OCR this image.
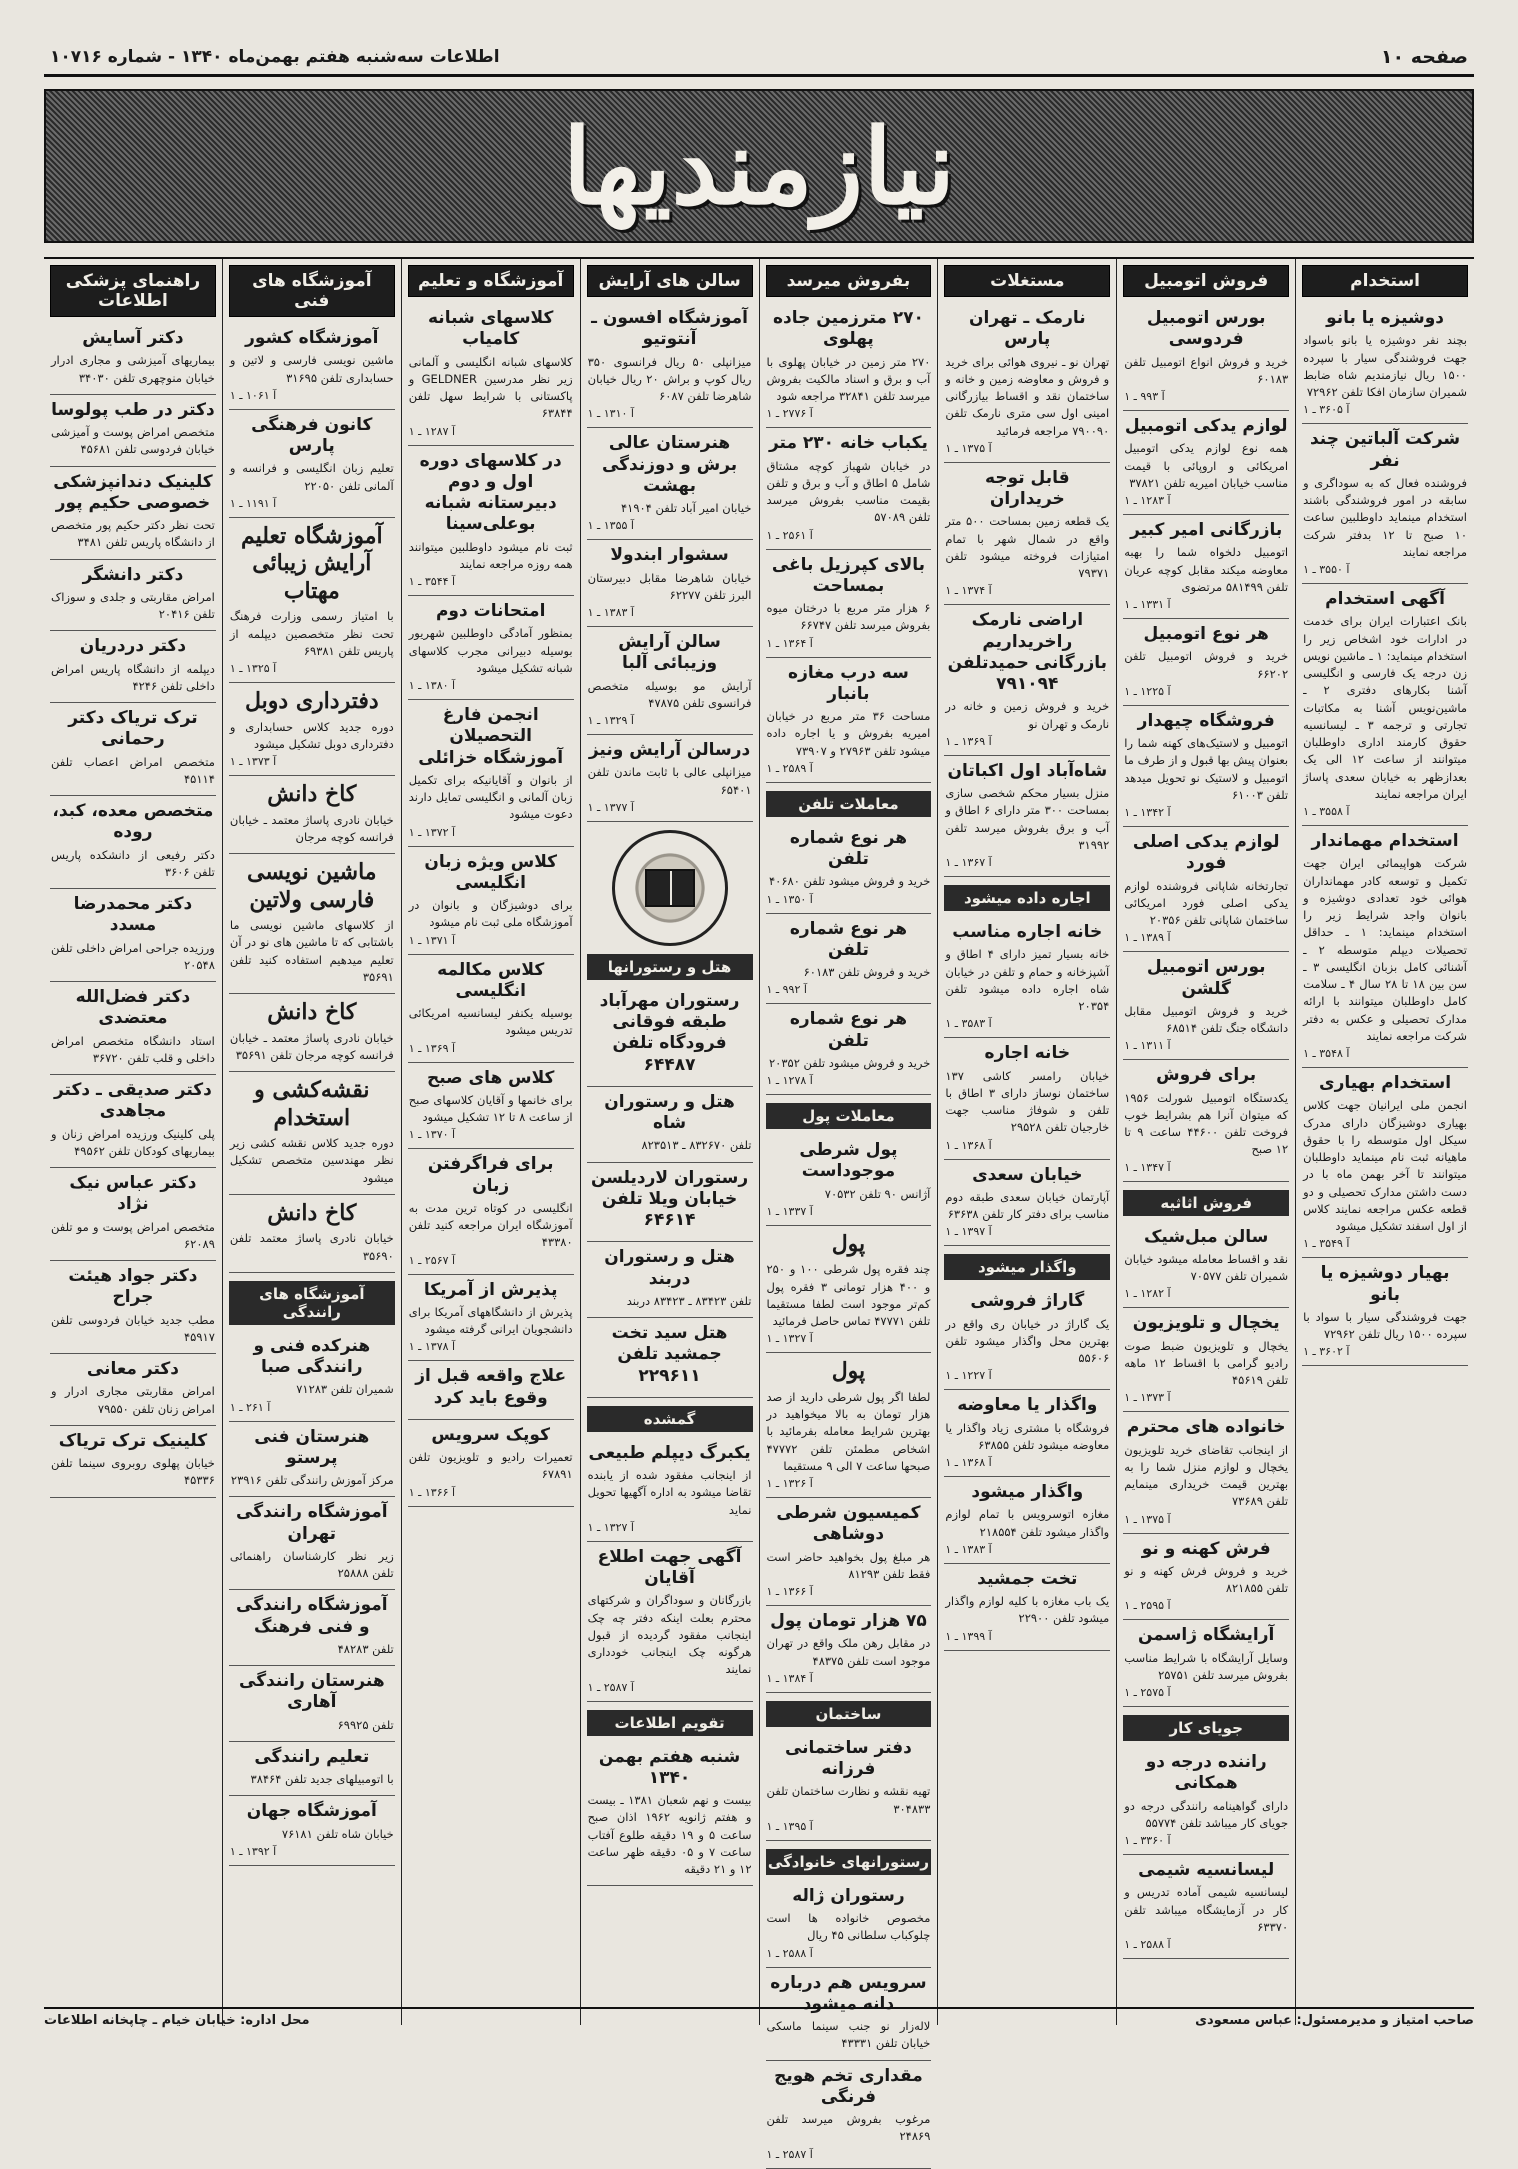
صفحه ۱۰
اطلاعات سه‌شنبه هفتم بهمن‌ماه ۱۳۴۰ - شماره ۱۰۷۱۶
نیازمندیها
استخدام
دوشیزه یا بانو
بچند نفر دوشیزه یا بانو باسواد جهت فروشندگی سیار با سپرده ۱۵۰۰ ریال نیازمندیم شاه ضابط شمیران سازمان افکا تلفن ۷۲۹۶۲
آ ۳۶۰۵ ـ ۱
شرکت آلباتین چند نفر
فروشنده فعال که به سوداگری و سابقه در امور فروشندگی باشند استخدام مینماید داوطلبین ساعت ۱۰ صبح تا ۱۲ بدفتر شرکت مراجعه نمایند
آ ۳۵۵۰ ـ ۱
آگهی استخدام
بانک اعتبارات ایران برای خدمت در ادارات خود اشخاص زیر را استخدام مینماید: ۱ ـ ماشین نویس زن درجه یک فارسی و انگلیسی آشنا بکارهای دفتری ۲ ـ ماشین‌نویس آشنا به مکاتبات تجارتی و ترجمه ۳ ـ لیسانسیه حقوق کارمند اداری داوطلبان میتوانند از ساعت ۱۲ الی یک بعدازظهر به خیابان سعدی پاساژ ایران مراجعه نمایند
آ ۳۵۵۸ ـ ۱
استخدام مهماندار
شرکت هواپیمائی ایران جهت تکمیل و توسعه کادر مهمانداران هوائی خود تعدادی دوشیزه و بانوان واجد شرایط زیر را استخدام مینماید: ۱ ـ حداقل تحصیلات دیپلم متوسطه ۲ ـ آشنائی کامل بزبان انگلیسی ۳ ـ سن بین ۱۸ تا ۲۸ سال ۴ ـ سلامت کامل داوطلبان میتوانند با ارائه مدارک تحصیلی و عکس به دفتر شرکت مراجعه نمایند
آ ۳۵۴۸ ـ ۱
استخدام بهیاری
انجمن ملی ایرانیان جهت کلاس بهیاری دوشیزگان دارای مدرک سیکل اول متوسطه را با حقوق ماهیانه ثبت نام مینماید داوطلبان میتوانند تا آخر بهمن ماه با در دست داشتن مدارک تحصیلی و دو قطعه عکس مراجعه نمایند کلاس از اول اسفند تشکیل میشود
آ ۳۵۴۹ ـ ۱
بهیار دوشیزه یا بانو
جهت فروشندگی سیار با سواد با سپرده ۱۵۰۰ ریال تلفن ۷۲۹۶۲
آ ۳۶۰۲ ـ ۱
فروش اتومبیل
بورس اتومبیل فردوسی
خرید و فروش انواع اتومبیل تلفن ۶۰۱۸۳
آ ۹۹۳ ـ ۱
لوازم یدکی اتومبیل
همه نوع لوازم یدکی اتومبیل امریکائی و اروپائی با قیمت مناسب خیابان امیریه تلفن ۳۷۸۲۱
آ ۱۲۸۳ ـ ۱
بازرگانی امیر کبیر
اتومبیل دلخواه شما را بهبه معاوضه میکند مقابل کوچه عریان تلفن ۵۸۱۴۹۹ مرتضوی
آ ۱۳۳۱ ـ ۱
هر نوع اتومبیل
خرید و فروش اتومبیل تلفن ۶۶۲۰۲
آ ۱۲۲۵ ـ ۱
فروشگاه چیهدار
اتومبیل و لاستیک‌های کهنه شما را بعنوان پیش بها قبول و از طرف ما اتومبیل و لاستیک نو تحویل میدهد تلفن ۶۱۰۰۳
آ ۱۳۴۲ ـ ۱
لوازم یدکی اصلی فورد
تجارتخانه شاپانی فروشنده لوازم یدکی اصلی فورد امریکائی ساختمان شاپانی تلفن ۲۰۳۵۶
آ ۱۳۸۹ ـ ۱
بورس اتومبیل گلشن
خرید و فروش اتومبیل مقابل دانشگاه جنگ تلفن ۶۸۵۱۴
آ ۱۳۱۱ ـ ۱
برای فروش
یکدستگاه اتومبیل شورلت ۱۹۵۶ که میتوان آنرا هم بشرایط خوب فروخت تلفن ۴۴۶۰۰ ساعت ۹ تا ۱۲ صبح
آ ۱۳۴۷ ـ ۱
فروش اثاثیه
سالن مبل‌شیک
نقد و اقساط معامله میشود خیابان شمیران تلفن ۷۰۵۷۷
آ ۱۲۸۲ ـ ۱
یخچال و تلویزیون
یخچال و تلویزیون ضبط صوت رادیو گرامی با اقساط ۱۲ ماهه تلفن ۴۵۶۱۹
آ ۱۳۷۳ ـ ۱
خانواده های محترم
از اینجانب تقاضای خرید تلویزیون یخچال و لوازم منزل شما را به بهترین قیمت خریداری مینمایم تلفن ۷۳۶۸۹
آ ۱۳۷۵ ـ ۱
فرش کهنه و نو
خرید و فروش فرش کهنه و نو تلفن ۸۲۱۸۵۵
آ ۲۵۹۵ ـ ۱
آرایشگاه ژاسمن
وسایل آرایشگاه با شرایط مناسب بفروش میرسد تلفن ۲۵۷۵۱
آ ۲۵۷۵ ـ ۱
جویای کار
راننده درجه دو همکانی
دارای گواهینامه رانندگی درجه دو جویای کار میباشد تلفن ۵۵۷۷۴
آ ۳۳۶۰ ـ ۱
لیسانسیه شیمی
لیسانسیه شیمی آماده تدریس و کار در آزمایشگاه میباشد تلفن ۶۳۳۷۰
آ ۲۵۸۸ ـ ۱
مستغلات
نارمک ـ تهران پارس
تهران نو ـ نیروی هوائی برای خرید و فروش و معاوضه زمین و خانه و ساختمان نقد و اقساط بیازرگانی امینی اول سی متری نارمک تلفن ۷۹۰۰۹۰ مراجعه فرمائید
آ ۱۳۷۵ ـ ۱
قابل توجه خریداران
یک قطعه زمین بمساحت ۵۰۰ متر واقع در شمال شهر با تمام امتیازات فروخته میشود تلفن ۷۹۳۷۱
آ ۱۳۷۴ ـ ۱
اراضی نارمک راخریداریم بازرگانی حمیدتلفن ۷۹۱۰۹۴
خرید و فروش زمین و خانه در نارمک و تهران نو
آ ۱۳۶۹ ـ ۱
شاه‌آباد اول اکباتان
منزل بسیار محکم شخصی سازی بمساحت ۳۰۰ متر دارای ۶ اطاق و آب و برق بفروش میرسد تلفن ۳۱۹۹۲
آ ۱۳۶۷ ـ ۱
اجاره داده میشود
خانه اجاره مناسب
خانه بسیار تمیز دارای ۴ اطاق و آشپزخانه و حمام و تلفن در خیابان شاه اجاره داده میشود تلفن ۲۰۳۵۴
آ ۳۵۸۳ ـ ۱
خانه اجاره
خیابان رامسر کاشی ۱۳۷ ساختمان نوساز دارای ۳ اطاق با تلفن و شوفاژ مناسب جهت خارجیان تلفن ۲۹۵۲۸
آ ۱۳۶۸ ـ ۱
خیابان سعدی
آپارتمان خیابان سعدی طبقه دوم مناسب برای دفتر کار تلفن ۶۳۶۳۸
آ ۱۳۹۷ ـ ۱
واگذار میشود
گاراژ فروشی
یک گاراژ در خیابان ری واقع در بهترین محل واگذار میشود تلفن ۵۵۶۰۶
آ ۱۲۲۷ ـ ۱
واگذار یا معاوضه
فروشگاه با مشتری زیاد واگذار یا معاوضه میشود تلفن ۶۳۸۵۵
آ ۱۳۶۸ ـ ۱
واگذار میشود
مغازه اتوسرویس با تمام لوازم واگذار میشود تلفن ۲۱۸۵۵۴
آ ۱۳۸۳ ـ ۱
تخت جمشید
یک باب مغازه با کلیه لوازم واگذار میشود تلفن ۲۲۹۰۰
آ ۱۳۹۹ ـ ۱
بفروش میرسد
۲۷۰ مترزمین جاده پهلوی
۲۷۰ متر زمین در خیابان پهلوی با آب و برق و اسناد مالکیت بفروش میرسد تلفن ۳۲۸۴۱ مراجعه شود
آ ۲۷۷۶ ـ ۱
یکباب خانه ۲۳۰ متر
در خیابان شهباز کوچه مشتاق شامل ۵ اطاق و آب و برق و تلفن بقیمت مناسب بفروش میرسد تلفن ۵۷۰۸۹
آ ۲۵۶۱ ـ ۱
بالای کپرزیل باغی بمساحت
۶ هزار متر مربع با درختان میوه بفروش میرسد تلفن ۶۶۷۴۷
آ ۱۳۶۴ ـ ۱
سه درب مغازه بانبار
مساحت ۳۶ متر مربع در خیابان امیریه بفروش و یا اجاره داده میشود تلفن ۲۷۹۶۳ و ۷۳۹۰۷
آ ۲۵۸۹ ـ ۱
معاملات تلفن
هر نوع شماره تلفن
خرید و فروش میشود تلفن ۴۰۶۸۰
آ ۱۳۵۰ ـ ۱
هر نوع شماره تلفن
خرید و فروش تلفن ۶۰۱۸۳
آ ۹۹۲ ـ ۱
هر نوع شماره تلفن
خرید و فروش میشود تلفن ۲۰۳۵۲
آ ۱۲۷۸ ـ ۱
معاملات پول
پول شرطی موجوداست
آژانس ۹۰ تلفن ۷۰۵۳۲
آ ۱۳۳۷ ـ ۱
پول
چند فقره پول شرطی ۱۰۰ و ۲۵۰ و ۴۰۰ هزار تومانی ۳ فقره پول کم‌تر موجود است لطفا مستقیما تلفن ۴۷۷۷۱ تماس حاصل فرمائید
آ ۱۳۲۷ ـ ۱
پول
لطفا اگر پول شرطی دارید از صد هزار تومان به بالا میخواهید در بهترین شرایط معامله بفرمائید با اشخاص مطمئن تلفن ۴۷۷۷۲ صبحها ساعت ۷ الی ۹ مستقیما
آ ۱۳۲۶ ـ ۱
کمیسیون شرطی دوشاهی
هر مبلغ پول بخواهید حاضر است فقط تلفن ۸۱۲۹۳
آ ۱۳۶۶ ـ ۱
۷۵ هزار تومان پول
در مقابل رهن ملک واقع در تهران موجود است تلفن ۴۸۳۷۵
آ ۱۳۸۴ ـ ۱
ساختمان
دفتر ساختمانی فرزانه
تهیه نقشه و نظارت ساختمان تلفن ۳۰۴۸۳۳
آ ۱۳۹۵ ـ ۱
رستورانهای خانوادگی
رستوران ژاله
مخصوص خانواده ها است چلوکباب سلطانی ۴۵ ریال
آ ۲۵۸۸ ـ ۱
سرویس هم درباره دانه میشود
لاله‌زار نو جنب سینما ماسکی خیابان تلفن ۴۳۳۳۱
مقداری تخم هویج فرنگی
مرغوب بفروش میرسد تلفن ۲۴۸۶۹
آ ۲۵۸۷ ـ ۱
سالن های آرایش
آموزشگاه افسون ـ آنتوتیو
میزانپلی ۵۰ ریال فرانسوی ۳۵۰ ریال کوپ و براش ۲۰ ریال خیابان شاهرضا تلفن ۶۰۸۷
آ ۱۳۱۰ ـ ۱
هنرستان عالی برش و دوزندگی بهشت
خیابان امیر آباد تلفن ۴۱۹۰۴
آ ۱۳۵۵ ـ ۱
سشوار ابندولا
خیابان شاهرضا مقابل دبیرستان البرز تلفن ۶۲۲۷۷
آ ۱۳۸۳ ـ ۱
سالن آرایش وزیبائی آلبا
آرایش مو بوسیله متخصص فرانسوی تلفن ۴۷۸۷۵
آ ۱۳۲۹ ـ ۱
درسالن آرایش ونیز
میزانپلی عالی با ثابت ماندن تلفن ۶۵۴۰۱
آ ۱۳۷۷ ـ ۱
هتل و رستورانها
رستوران مهرآباد طبقه فوقانی فرودگاه تلفن ۶۴۴۸۷
هتل و رستوران شاه
تلفن ۸۳۲۶۷۰ ـ ۸۲۳۵۱۳
رستوران لاردیلسن خیابان ویلا تلفن ۶۴۶۱۴
هتل و رستوران دربند
تلفن ۸۳۴۲۳ ـ ۸۳۴۲۳ دربند
هتل سید تخت جمشید تلفن ۲۲۹۶۱۱
گمشده
یکبرگ دیپلم طبیعی
از اینجانب مفقود شده از یابنده تقاضا میشود به اداره آگهیها تحویل نماید
آ ۱۳۲۷ ـ ۱
آگهی جهت اطلاع آقایان
بازرگانان و سوداگران و شرکتهای محترم بعلت اینکه دفتر چه چک اینجانب مفقود گردیده از قبول هرگونه چک اینجانب خودداری نمایند
آ ۲۵۸۷ ـ ۱
تقویم اطلاعات
شنبه هفتم بهمن ۱۳۴۰
بیست و نهم شعبان ۱۳۸۱ ـ بیست و هفتم ژانویه ۱۹۶۲ اذان صبح ساعت ۵ و ۱۹ دقیقه طلوع آفتاب ساعت ۷ و ۰۵ دقیقه ظهر ساعت ۱۲ و ۲۱ دقیقه
آموزشگاه و تعلیم
کلاسهای شبانه کامیاب
کلاسهای شبانه انگلیسی و آلمانی زیر نظر مدرسین GELDNER و پاکستانی با شرایط سهل تلفن ۶۳۸۴۴
آ ۱۲۸۷ ـ ۱
در کلاسهای دوره اول و دوم دبیرستانه شبانه بوعلی‌سینا
ثبت نام میشود داوطلبین میتوانند همه روزه مراجعه نمایند
آ ۳۵۴۴ ـ ۱
امتحانات دوم
بمنظور آمادگی داوطلبین شهریور بوسیله دبیرانی مجرب کلاسهای شبانه تشکیل میشود
آ ۱۳۸۰ ـ ۱
انجمن فارغ التحصیلان آموزشگاه خزائلی
از بانوان و آقایانیکه برای تکمیل زبان آلمانی و انگلیسی تمایل دارند دعوت میشود
آ ۱۳۷۲ ـ ۱
کلاس ویژه زبان انگلیسی
برای دوشیزگان و بانوان در آموزشگاه ملی ثبت نام میشود
آ ۱۳۷۱ ـ ۱
کلاس مکالمه انگلیسی
بوسیله یکنفر لیسانسیه امریکائی تدریس میشود
آ ۱۳۶۹ ـ ۱
کلاس های صبح
برای خانمها و آقایان کلاسهای صبح از ساعت ۸ تا ۱۲ تشکیل میشود
آ ۱۳۷۰ ـ ۱
برای فراگرفتن زبان
انگلیسی در کوتاه ترین مدت به آموزشگاه ایران مراجعه کنید تلفن ۴۳۳۸۰
آ ۲۵۶۷ ـ ۱
پذیرش از آمریکا
پذیرش از دانشگاههای آمریکا برای دانشجویان ایرانی گرفته میشود
آ ۱۳۷۸ ـ ۱
علاج واقعه قبل از وقوع باید کرد
کوپک سرویس
تعمیرات رادیو و تلویزیون تلفن ۶۷۸۹۱
آ ۱۳۶۶ ـ ۱
آموزشگاه های فنی
آموزشگاه کشور
ماشین نویسی فارسی و لاتین و حسابداری تلفن ۳۱۶۹۵
آ ۱۰۶۱ ـ ۱
کانون فرهنگی پارس
تعلیم زبان انگلیسی و فرانسه و آلمانی تلفن ۲۲۰۵۰
آ ۱۱۹۱ ـ ۱
آموزشگاه تعلیم آرایش زیبائی مهتاب
با امتیاز رسمی وزارت فرهنگ تحت نظر متخصصین دیپلمه از پاریس تلفن ۶۹۳۸۱
آ ۱۳۲۵ ـ ۱
دفترداری دوبل
دوره جدید کلاس حسابداری و دفترداری دوبل تشکیل میشود
آ ۱۳۷۳ ـ ۱
کاخ دانش
خیابان نادری پاساژ معتمد ـ خیابان فرانسه کوچه مرجان
ماشین نویسی فارسی ولاتین
از کلاسهای ماشین نویسی ما باشتابی که تا ماشین های نو در آن تعلیم میدهیم استفاده کنید تلفن ۳۵۶۹۱
کاخ دانش
خیابان نادری پاساژ معتمد ـ خیابان فرانسه کوچه مرجان تلفن ۳۵۶۹۱
نقشه‌کشی و استخدام
دوره جدید کلاس نقشه کشی زیر نظر مهندسین متخصص تشکیل میشود
کاخ دانش
خیابان نادری پاساژ معتمد تلفن ۳۵۶۹۰
آموزشگاه های رانندگی
هنرکده فنی و رانندگی صبا
شمیران تلفن ۷۱۲۸۳
آ ۲۶۱ ـ ۱
هنرستان فنی پرستو
مرکز آموزش رانندگی تلفن ۲۳۹۱۶
آموزشگاه رانندگی تهران
زیر نظر کارشناسان راهنمائی تلفن ۲۵۸۸۸
آموزشگاه رانندگی و فنی فرهنگ
تلفن ۴۸۲۸۳
هنرستان رانندگی آهاری
تلفن ۶۹۹۲۵
تعلیم رانندگی
با اتومبیلهای جدید تلفن ۳۸۴۶۴
آموزشگاه جهان
خیابان شاه تلفن ۷۶۱۸۱
آ ۱۳۹۲ ـ ۱
راهنمای پزشکی اطلاعات
دکتر آسایش
بیماریهای آمیزشی و مجاری ادرار خیابان منوچهری تلفن ۳۴۰۳۰
دکتر در طب پولوسا
متخصص امراض پوست و آمیزشی خیابان فردوسی تلفن ۴۵۶۸۱
کلینیک دندانپزشکی خصوصی حکیم پور
تحت نظر دکتر حکیم پور متخصص از دانشگاه پاریس تلفن ۳۴۸۱
دکتر دانشگر
امراض مقاربتی و جلدی و سوزاک تلفن ۲۰۴۱۶
دکتر دردریان
دیپلمه از دانشگاه پاریس امراض داخلی تلفن ۴۲۴۶
ترک تریاک دکتر رحمانی
متخصص امراض اعصاب تلفن ۴۵۱۱۴
متخصص معده، کبد، روده
دکتر رفیعی از دانشکده پاریس تلفن ۳۶۰۶
دکتر محمدرضا مسدد
ورزیده جراحی امراض داخلی تلفن ۲۰۵۴۸
دکتر فضل‌الله معتضدی
استاد دانشگاه متخصص امراض داخلی و قلب تلفن ۳۶۷۲۰
دکتر صدیقی ـ دکتر مجاهدی
پلی کلینیک ورزیده امراض زنان و بیماریهای کودکان تلفن ۴۹۵۶۲
دکتر عباس نیک نژاد
متخصص امراض پوست و مو تلفن ۶۲۰۸۹
دکتر جواد هیئت جراح
مطب جدید خیابان فردوسی تلفن ۴۵۹۱۷
دکتر معانی
امراض مقاربتی مجاری ادرار و امراض زنان تلفن ۷۹۵۵۰
کلینیک ترک تریاک
خیابان پهلوی روبروی سینما تلفن ۴۵۳۳۶
صاحب امتیاز و مدیرمسئول: عباس مسعودی
محل اداره: خیابان خیام ـ چاپخانه اطلاعات
